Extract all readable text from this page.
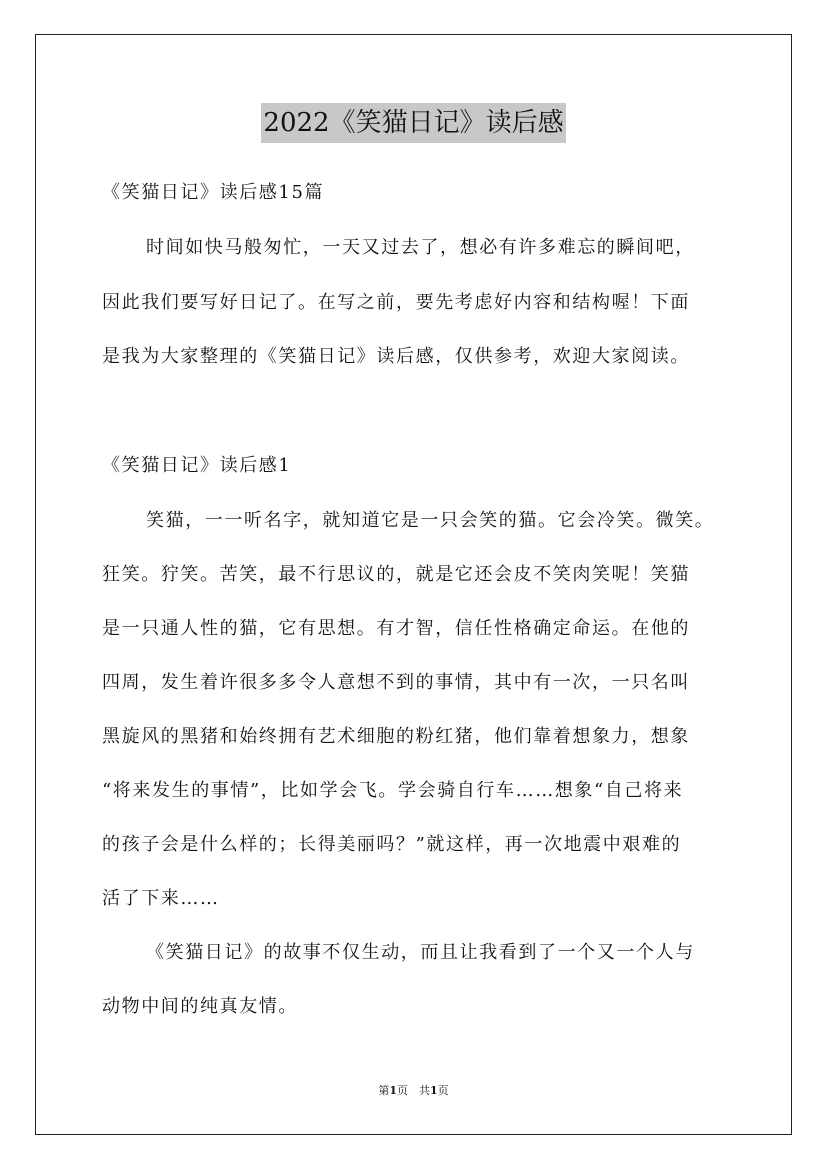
2022《笑猫日记》读后感
《笑猫日记》读后感15篇
时间如快马般匆忙，一天又过去了，想必有许多难忘的瞬间吧，
因此我们要写好日记了。在写之前，要先考虑好内容和结构喔！下面
是我为大家整理的《笑猫日记》读后感，仅供参考，欢迎大家阅读。
《笑猫日记》读后感1
笑猫，一一听名字，就知道它是一只会笑的猫。它会冷笑。微笑。
狂笑。狞笑。苦笑，最不行思议的，就是它还会皮不笑肉笑呢！笑猫
是一只通人性的猫，它有思想。有才智，信任性格确定命运。在他的
四周，发生着许很多多令人意想不到的事情，其中有一次，一只名叫
黑旋风的黑猪和始终拥有艺术细胞的粉红猪，他们靠着想象力，想象
“将来发生的事情”，比如学会飞。学会骑自行车……想象“自己将来
的孩子会是什么样的；长得美丽吗？”就这样，再一次地震中艰难的
活了下来……
《笑猫日记》的故事不仅生动，而且让我看到了一个又一个人与
动物中间的纯真友情。
第1页　共1页
